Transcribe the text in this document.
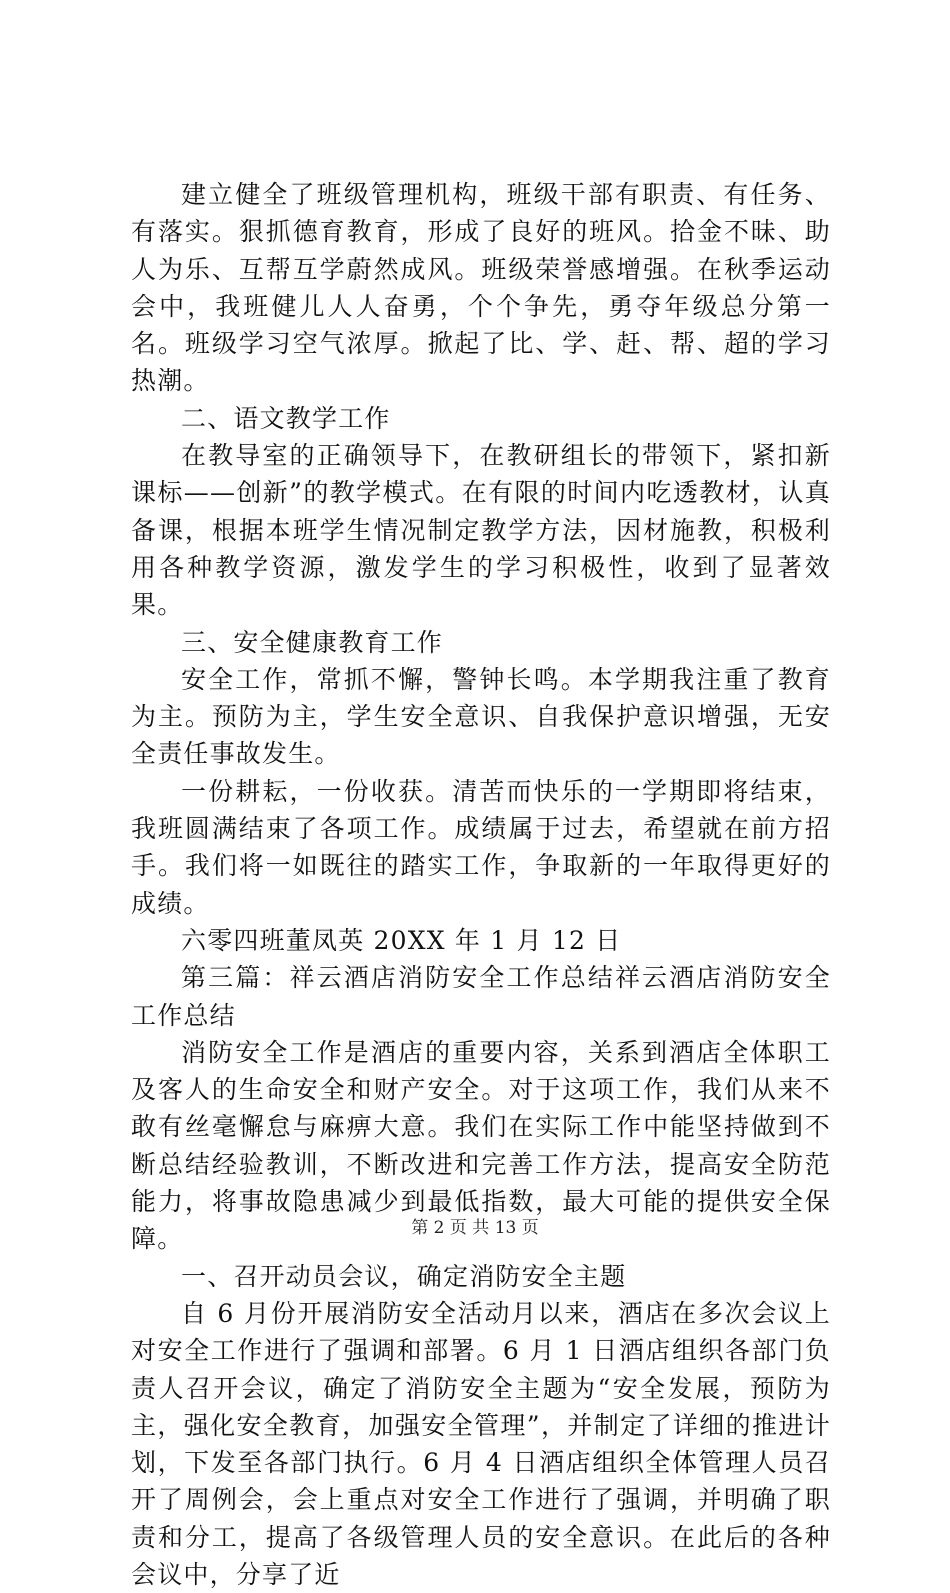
建立健全了班级管理机构，班级干部有职责、有任务、有落实。狠抓德育教育，形成了良好的班风。拾金不昧、助人为乐、互帮互学蔚然成风。班级荣誉感增强。在秋季运动会中，我班健儿人人奋勇，个个争先，勇夺年级总分第一名。班级学习空气浓厚。掀起了比、学、赶、帮、超的学习热潮。

二、语文教学工作

在教导室的正确领导下，在教研组长的带领下，紧扣新课标——创新”的教学模式。在有限的时间内吃透教材，认真备课，根据本班学生情况制定教学方法，因材施教，积极利用各种教学资源，激发学生的学习积极性，收到了显著效果。

三、安全健康教育工作

安全工作，常抓不懈，警钟长鸣。本学期我注重了教育为主。预防为主，学生安全意识、自我保护意识增强，无安全责任事故发生。

一份耕耘，一份收获。清苦而快乐的一学期即将结束，我班圆满结束了各项工作。成绩属于过去，希望就在前方招手。我们将一如既往的踏实工作，争取新的一年取得更好的成绩。

六零四班董凤英 20XX 年 1 月 12 日

第三篇：祥云酒店消防安全工作总结祥云酒店消防安全工作总结

消防安全工作是酒店的重要内容，关系到酒店全体职工及客人的生命安全和财产安全。对于这项工作，我们从来不敢有丝毫懈怠与麻痹大意。我们在实际工作中能坚持做到不断总结经验教训，不断改进和完善工作方法，提高安全防范能力，将事故隐患减少到最低指数，最大可能的提供安全保障。

一、召开动员会议，确定消防安全主题

自 6 月份开展消防安全活动月以来，酒店在多次会议上对安全工作进行了强调和部署。6 月 1 日酒店组织各部门负责人召开会议，确定了消防安全主题为“安全发展，预防为主，强化安全教育，加强安全管理”，并制定了详细的推进计划，下发至各部门执行。6 月 4 日酒店组织全体管理人员召开了周例会，会上重点对安全工作进行了强调，并明确了职责和分工，提高了各级管理人员的安全意识。在此后的各种会议中，分享了近

第 2 页 共 13 页
